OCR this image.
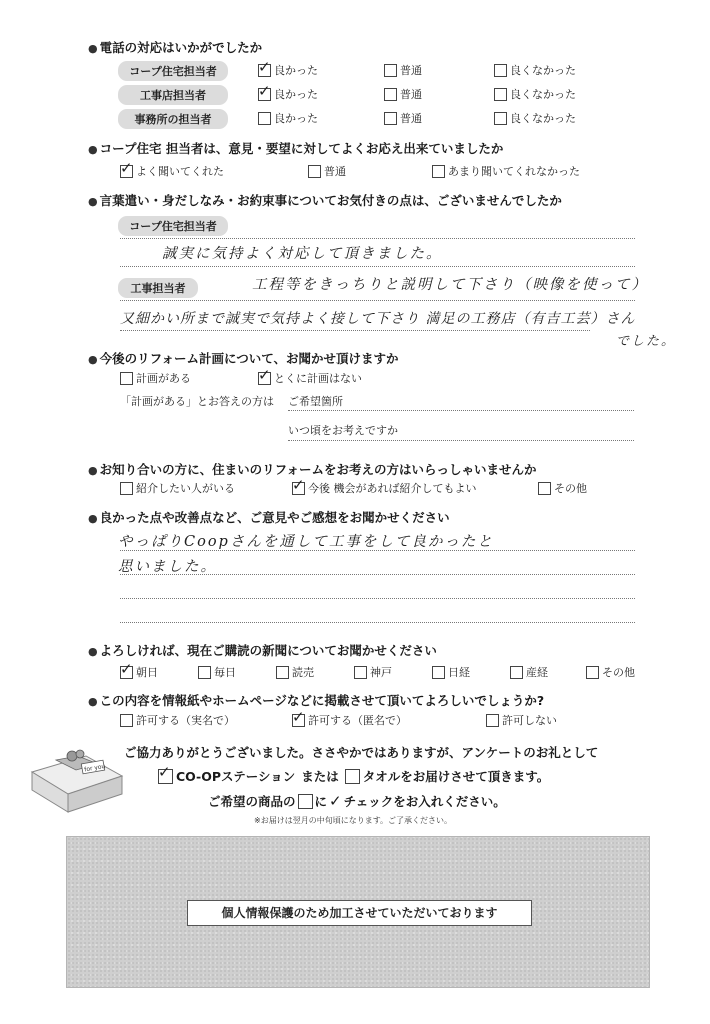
● 電話の対応はいかがでしたか
コープ住宅担当者 ✓	良かった	普通	良くなかった
工事店担当者 ✓	良かった	普通	良くなかった
事務所の担当者	良かった	普通	良くなかった
● コープ住宅 担当者は、意見・要望に対してよくお応え出来ていましたか
✓
よく聞いてくれた	普通	あまり聞いてくれなかった
● 言葉遣い・身だしなみ・お約束事についてお気付きの点は、ございませんでしたか
コープ住宅担当者
誠実に気持よく対応して頂きました。
工事担当者	工程等をきっちりと説明して下さり（映像を使って）
又細かい所まで誠実で気持よく接して下さり 満足の工務店（有吉工芸）さん
でした。
● 今後のリフォーム計画について、お聞かせ頂けますか
計画がある ✓	とくに計画はない
「計画がある」とお答えの方は ご希望箇所
いつ頃をお考えですか
● お知り合いの方に、住まいのリフォームをお考えの方はいらっしゃいませんか
紹介したい人がいる ✓	今後 機会があれば紹介してもよい	その他
● 良かった点や改善点など、ご意見やご感想をお聞かせください
やっぱりCoopさんを通して工事をして良かったと
思いました。
● よろしければ、現在ご購読の新聞についてお聞かせください
✓
朝日	毎日	読売	神戸	日経	産経	その他
● この内容を情報紙やホームページなどに掲載させて頂いてよろしいでしょうか?
許可する（実名で） ✓	許可する（匿名で）	許可しない
for you
ご協力ありがとうございました。ささやかではありますが、アンケートのお礼として
✓
CO-OPステーション または タオル をお届けさせて頂きます。
ご希望の商品の に ✓ チェックをお入れください。
※お届けは翌月の中旬頃になります。ご了承ください。
個人情報保護のため加工させていただいております
